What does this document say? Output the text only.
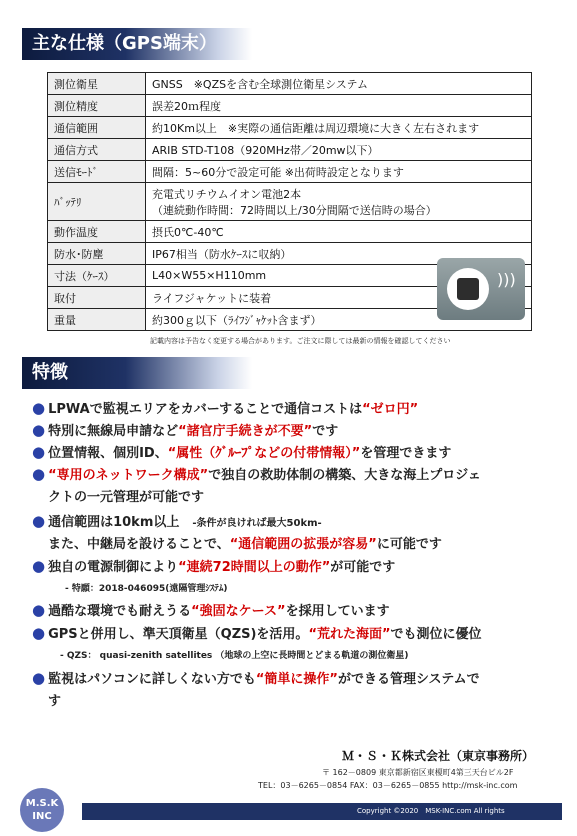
主な仕様（GPS端末）
測位衛星	GNSS　※QZSを含む全球測位衛星システム
測位精度	誤差20ｍ程度
通信範囲	約10Km以上　※実際の通信距離は周辺環境に大きく左右されます
通信方式	ARIB STD-T108（920MHz帯／20mw以下）
送信ﾓｰﾄﾞ	間隔：5~60分で設定可能 ※出荷時設定となります
ﾊﾞｯﾃﾘ	充電式リチウムイオン電池2本
（連続動作時間：72時間以上/30分間隔で送信時の場合）

動作温度	摂氏0℃-40℃
防水･防塵	IP67相当（防水ｹｰｽに収納）
寸法（ｹｰｽ）	L40×W55×H110mm
取付	ライフジャケットに装着
重量	約300ｇ以下（ﾗｲﾌｼﾞｬｹｯﾄ含まず）
)))
記載内容は予告なく変更する場合があります。ご注文に際しては最新の情報を確認してください
特徴
● LPWAで監視エリアをカバーすることで通信コストは“ゼロ円”
● 特別に無線局申請など“諸官庁手続きが不要”です
● 位置情報、個別ID、“属性（ｸﾞﾙｰﾌﾟなどの付帯情報）”を管理できます
● “専用のネットワーク構成”で独自の救助体制の構築、大きな海上プロジェ
クトの一元管理が可能です
● 通信範囲は10km以上　 -条件が良ければ最大50km-
また、中継局を設けることで、“通信範囲の拡張が容易”に可能です
● 独自の電源制御により“連続72時間以上の動作”が可能です
- 特願：2018-046095(遠隔管理ｼｽﾃﾑ)
● 過酷な環境でも耐えうる“強固なケース”を採用しています
● GPSと併用し、準天頂衛星（QZS)を活用。“荒れた海面”でも測位に優位
- QZS： quasi-zenith satellites （地球の上空に長時間とどまる軌道の測位衛星)
● 監視はパソコンに詳しくない方でも“簡単に操作”ができる管理システムで
す
Ｍ・Ｓ・Ｋ株式会社（東京事務所）
〒 162－0809 東京都新宿区東榎町4第三天台ビル2F
TEL：03－6265－0854 FAX：03－6265－0855 http://msk-inc.com
Copyright ©2020　MSK-INC.com All rights
M.S.K INC
